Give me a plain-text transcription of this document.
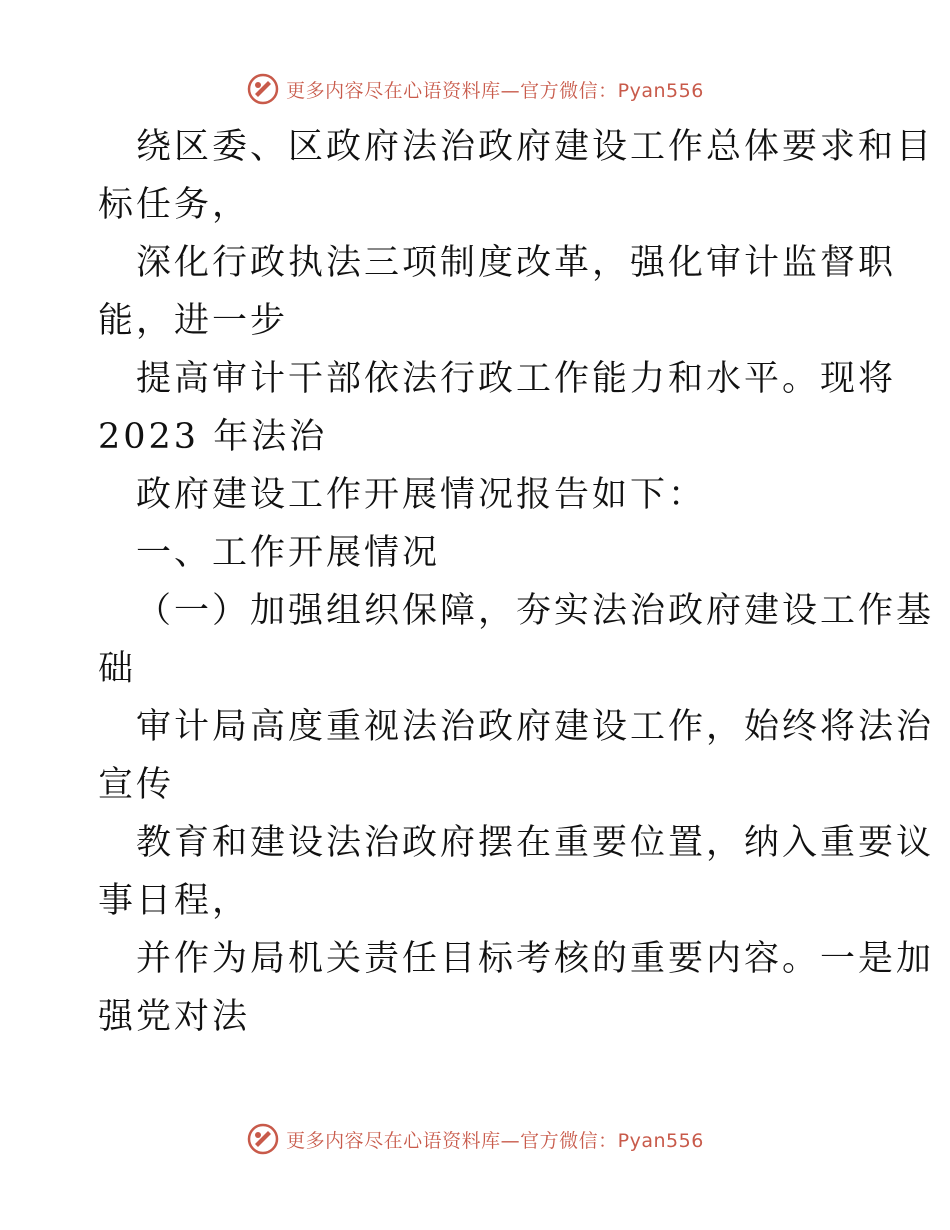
更多内容尽在心语资料库—官方微信：Pyan556
绕区委、区政府法治政府建设工作总体要求和目
标任务，
深化行政执法三项制度改革，强化审计监督职
能，进一步
提高审计干部依法行政工作能力和水平。现将
2023 年法治
政府建设工作开展情况报告如下：
一、工作开展情况
（一）加强组织保障，夯实法治政府建设工作基
础
审计局高度重视法治政府建设工作，始终将法治
宣传
教育和建设法治政府摆在重要位置，纳入重要议
事日程，
并作为局机关责任目标考核的重要内容。一是加
强党对法
更多内容尽在心语资料库—官方微信：Pyan556
